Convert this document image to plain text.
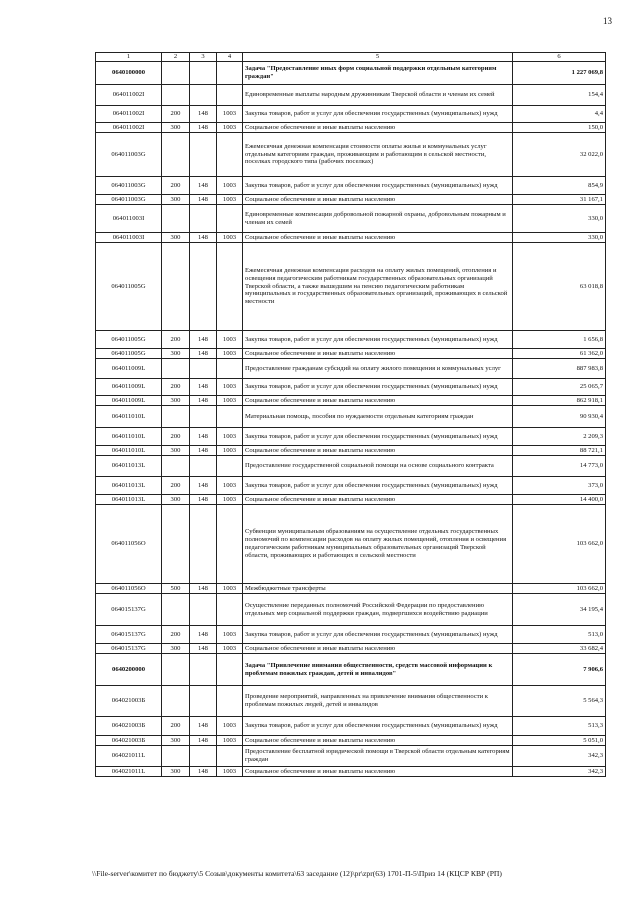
13
1	2	3	4	5	6
0640100000				Задача "Предоставление иных форм социальной поддержки отдельным категориям граждан"	1 227 069,8
064011002I				Единовременные выплаты народным дружинникам Тверской области и членам их семей	154,4
064011002I	200	148	1003	Закупка товаров, работ и услуг для обеспечения государственных (муниципальных) нужд	4,4
064011002I	300	148	1003	Социальное обеспечение и иные выплаты населению	150,0
064011003G				Ежемесячная денежная компенсация стоимости оплаты жилья и коммунальных услуг отдельным категориям граждан, проживающим и работающим в сельской местности, поселках городского типа (рабочих поселках)	32 022,0
064011003G	200	148	1003	Закупка товаров, работ и услуг для обеспечения государственных (муниципальных) нужд	854,9
064011003G	300	148	1003	Социальное обеспечение и иные выплаты населению	31 167,1
064011003I				Единовременные компенсации добровольной пожарной охраны, добровольным пожарным и членам их семей	330,0
064011003I	300	148	1003	Социальное обеспечение и иные выплаты населению	330,0
064011005G				Ежемесячная денежная компенсация расходов на оплату жилых помещений, отопления и освещения педагогическим работникам государственных образовательных организаций Тверской области, а также вышедшим на пенсию педагогическим работникам муниципальных и государственных образовательных организаций, проживающих в сельской местности	63 018,8
064011005G	200	148	1003	Закупка товаров, работ и услуг для обеспечения государственных (муниципальных) нужд	1 656,8
064011005G	300	148	1003	Социальное обеспечение и иные выплаты населению	61 362,0
064011009L				Предоставление гражданам субсидий на оплату жилого помещения и коммунальных услуг	887 983,8
064011009L	200	148	1003	Закупка товаров, работ и услуг для обеспечения государственных (муниципальных) нужд	25 065,7
064011009L	300	148	1003	Социальное обеспечение и иные выплаты населению	862 918,1
064011010L				Материальная помощь, пособия по нуждаемости отдельным категориям граждан	90 930,4
064011010L	200	148	1003	Закупка товаров, работ и услуг для обеспечения государственных (муниципальных) нужд	2 209,3
064011010L	300	148	1003	Социальное обеспечение и иные выплаты населению	88 721,1
064011013L				Предоставление государственной социальной помощи на основе социального контракта	14 773,0
064011013L	200	148	1003	Закупка товаров, работ и услуг для обеспечения государственных (муниципальных) нужд	373,0
064011013L	300	148	1003	Социальное обеспечение и иные выплаты населению	14 400,0
064011056O				Субвенции муниципальным образованиям на осуществление отдельных государственных полномочий по компенсации расходов на оплату жилых помещений, отопления и освещения педагогическим работникам муниципальных образовательных организаций Тверской области, проживающих и работающих в сельской местности	103 662,0
064011056O	500	148	1003	Межбюджетные трансферты	103 662,0
064015137G				Осуществление переданных полномочий Российской Федерации по предоставлению отдельных мер социальной поддержки граждан, подвергшихся воздействию радиации	34 195,4
064015137G	200	148	1003	Закупка товаров, работ и услуг для обеспечения государственных (муниципальных) нужд	513,0
064015137G	300	148	1003	Социальное обеспечение и иные выплаты населению	33 682,4
0640200000				Задача "Привлечение внимания общественности, средств массовой информации к проблемам пожилых граждан, детей и инвалидов"	7 906,6
064021003Б				Проведение мероприятий, направленных на привлечение внимания общественности к проблемам пожилых людей, детей и инвалидов	5 564,3
064021003Б	200	148	1003	Закупка товаров, работ и услуг для обеспечения государственных (муниципальных) нужд	513,3
064021003Б	300	148	1003	Социальное обеспечение и иные выплаты населению	5 051,0
064021011L				Предоставление бесплатной юридической помощи в Тверской области отдельным категориям граждан	342,3
064021011L	300	148	1003	Социальное обеспечение и иные выплаты населению	342,3
\\File-server\комитет по бюджету\5 Созыв\документы комитета\63 заседание (12)\pr\zpr(63) 1701-П-5\Приз 14 (КЦСР КВР (РП)
